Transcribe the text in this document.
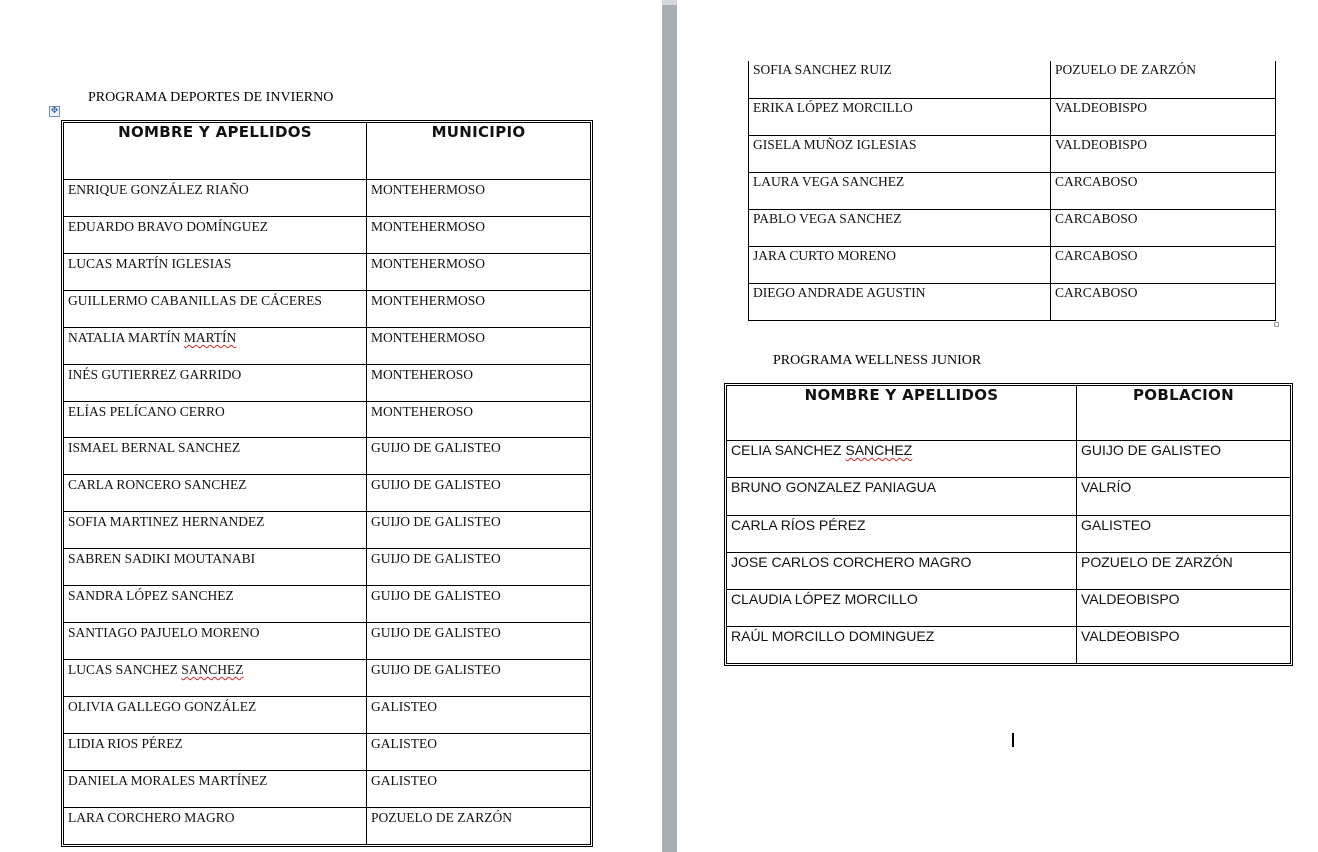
PROGRAMA DEPORTES DE INVIERNO
✥
NOMBRE Y APELLIDOS	MUNICIPIO
ENRIQUE GONZÁLEZ RIAÑO	MONTEHERMOSO
EDUARDO BRAVO DOMÍNGUEZ	MONTEHERMOSO
LUCAS MARTÍN IGLESIAS	MONTEHERMOSO
GUILLERMO CABANILLAS DE CÁCERES	MONTEHERMOSO
NATALIA MARTÍN MARTÍN	MONTEHERMOSO
INÉS GUTIERREZ GARRIDO	MONTEHEROSO
ELÍAS PELÍCANO CERRO	MONTEHEROSO
ISMAEL BERNAL SANCHEZ	GUIJO DE GALISTEO
CARLA RONCERO SANCHEZ	GUIJO DE GALISTEO
SOFIA MARTINEZ HERNANDEZ	GUIJO DE GALISTEO
SABREN SADIKI MOUTANABI	GUIJO DE GALISTEO
SANDRA LÓPEZ SANCHEZ	GUIJO DE GALISTEO
SANTIAGO PAJUELO MORENO	GUIJO DE GALISTEO
LUCAS SANCHEZ SANCHEZ	GUIJO DE GALISTEO
OLIVIA GALLEGO GONZÁLEZ	GALISTEO
LIDIA RIOS PÉREZ	GALISTEO
DANIELA MORALES MARTÍNEZ	GALISTEO
LARA CORCHERO MAGRO	POZUELO DE ZARZÓN
SOFIA SANCHEZ RUIZ	POZUELO DE ZARZÓN
ERIKA LÓPEZ MORCILLO	VALDEOBISPO
GISELA MUÑOZ IGLESIAS	VALDEOBISPO
LAURA VEGA SANCHEZ	CARCABOSO
PABLO VEGA SANCHEZ	CARCABOSO
JARA CURTO MORENO	CARCABOSO
DIEGO ANDRADE AGUSTIN	CARCABOSO
PROGRAMA WELLNESS JUNIOR
NOMBRE Y APELLIDOS	POBLACION
CELIA SANCHEZ SANCHEZ	GUIJO DE GALISTEO
BRUNO GONZALEZ PANIAGUA	VALRÍO
CARLA RÍOS PÉREZ	GALISTEO
JOSE CARLOS CORCHERO MAGRO	POZUELO DE ZARZÓN
CLAUDIA LÓPEZ MORCILLO	VALDEOBISPO
RAÚL MORCILLO DOMINGUEZ	VALDEOBISPO
